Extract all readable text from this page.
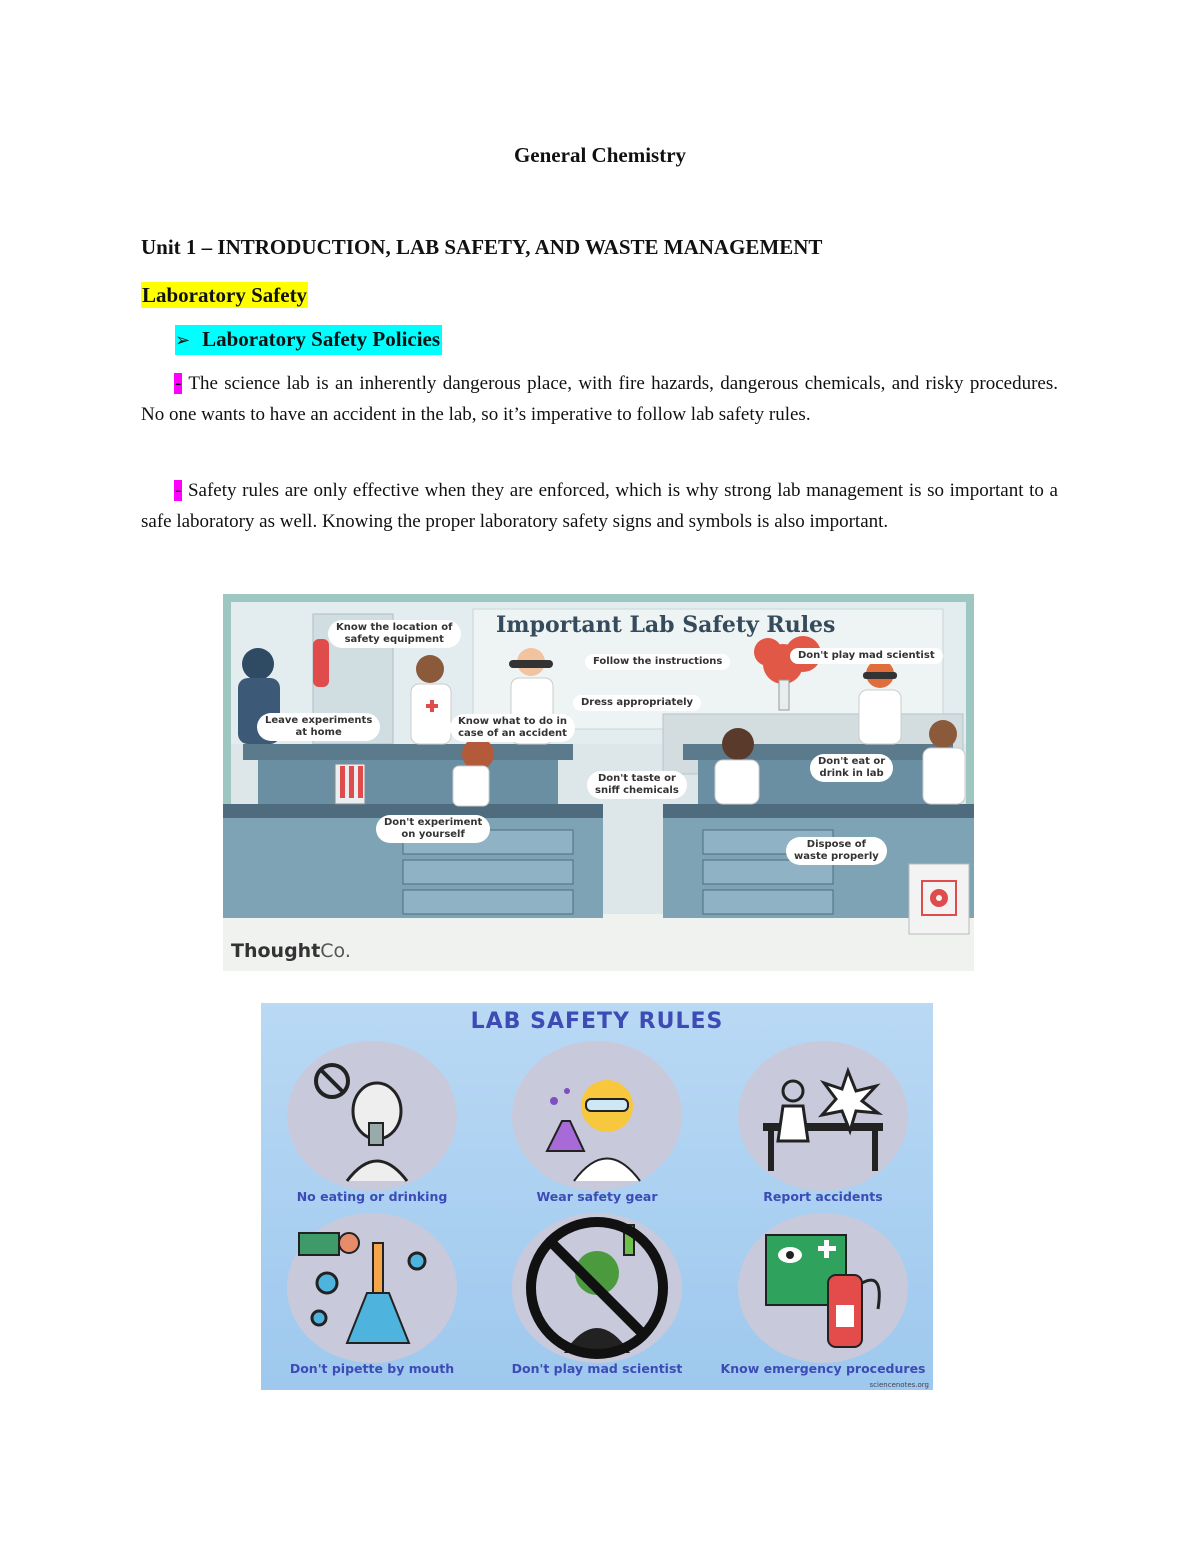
General Chemistry
Unit 1 – INTRODUCTION, LAB SAFETY, AND WASTE MANAGEMENT
Laboratory Safety
➢ Laboratory Safety Policies
- The science lab is an inherently dangerous place, with fire hazards, dangerous chemicals, and risky procedures. No one wants to have an accident in the lab, so it’s imperative to follow lab safety rules.
- Safety rules are only effective when they are enforced, which is why strong lab management is so important to a safe laboratory as well. Knowing the proper laboratory safety signs and symbols is also important.
Important Lab Safety Rules
Know the location of
safety equipment
Follow the instructions
Don't play mad scientist
Dress appropriately
Leave experiments
at home
Know what to do in
case of an accident
Don't taste or
sniff chemicals
Don't eat or
drink in lab
Don't experiment
on yourself
Dispose of
waste properly
ThoughtCo.
LAB SAFETY RULES
No eating or drinking	Wear safety gear	Report accidents
Don't pipette by mouth	Don't play mad scientist	Know emergency procedures
sciencenotes.org
